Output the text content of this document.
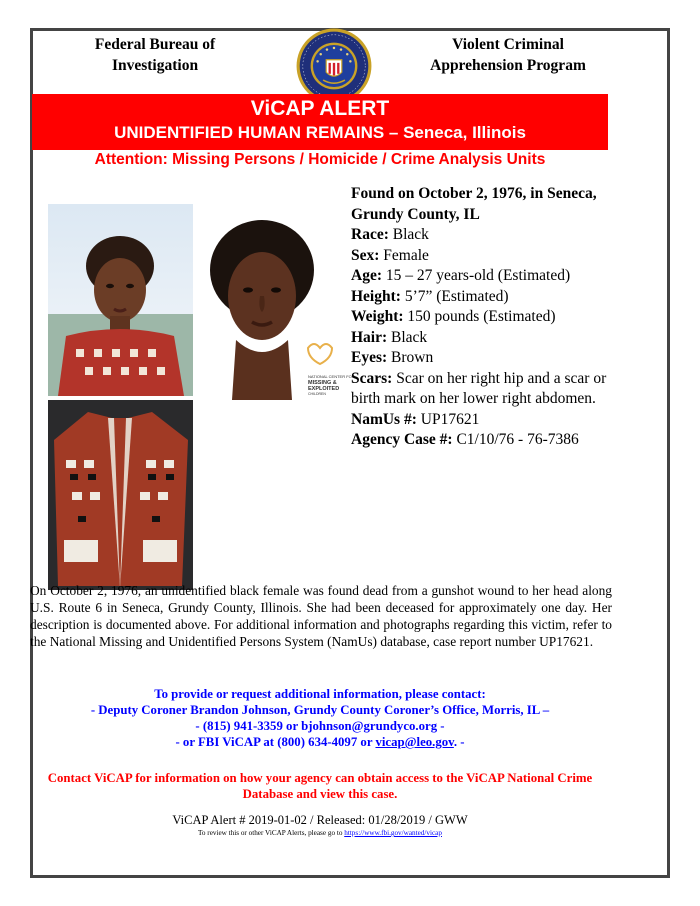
Federal Bureau of
Investigation
Violent Criminal
Apprehension Program
ViCAP ALERT
UNIDENTIFIED HUMAN REMAINS – Seneca, Illinois
Attention: Missing Persons / Homicide / Crime Analysis Units
NATIONAL CENTER FOR
MISSING &
EXPLOITED
CHILDREN
Found on October 2, 1976, in Seneca, Grundy County, IL
Race: Black
Sex: Female
Age: 15 – 27 years-old (Estimated)
Height: 5’7” (Estimated)
Weight: 150 pounds (Estimated)
Hair: Black
Eyes: Brown
Scars: Scar on her right hip and a scar or birth mark on her lower right abdomen.
NamUs #: UP17621
Agency Case #: C1/10/76 - 76-7386
On October 2, 1976, an unidentified black female was found dead from a gunshot wound to her head along U.S. Route 6 in Seneca, Grundy County, Illinois. She had been deceased for approximately one day. Her description is documented above. For additional information and photographs regarding this victim, refer to the National Missing and Unidentified Persons System (NamUs) database, case report number UP17621.
To provide or request additional information, please contact:
- Deputy Coroner Brandon Johnson, Grundy County Coroner’s Office, Morris, IL –
- (815) 941-3359 or bjohnson@grundyco.org -
- or FBI ViCAP at (800) 634-4097 or vicap@leo.gov. -
Contact ViCAP for information on how your agency can obtain access to the ViCAP National Crime Database and view this case.
ViCAP Alert # 2019-01-02 / Released: 01/28/2019 / GWW
To review this or other ViCAP Alerts, please go to https://www.fbi.gov/wanted/vicap
